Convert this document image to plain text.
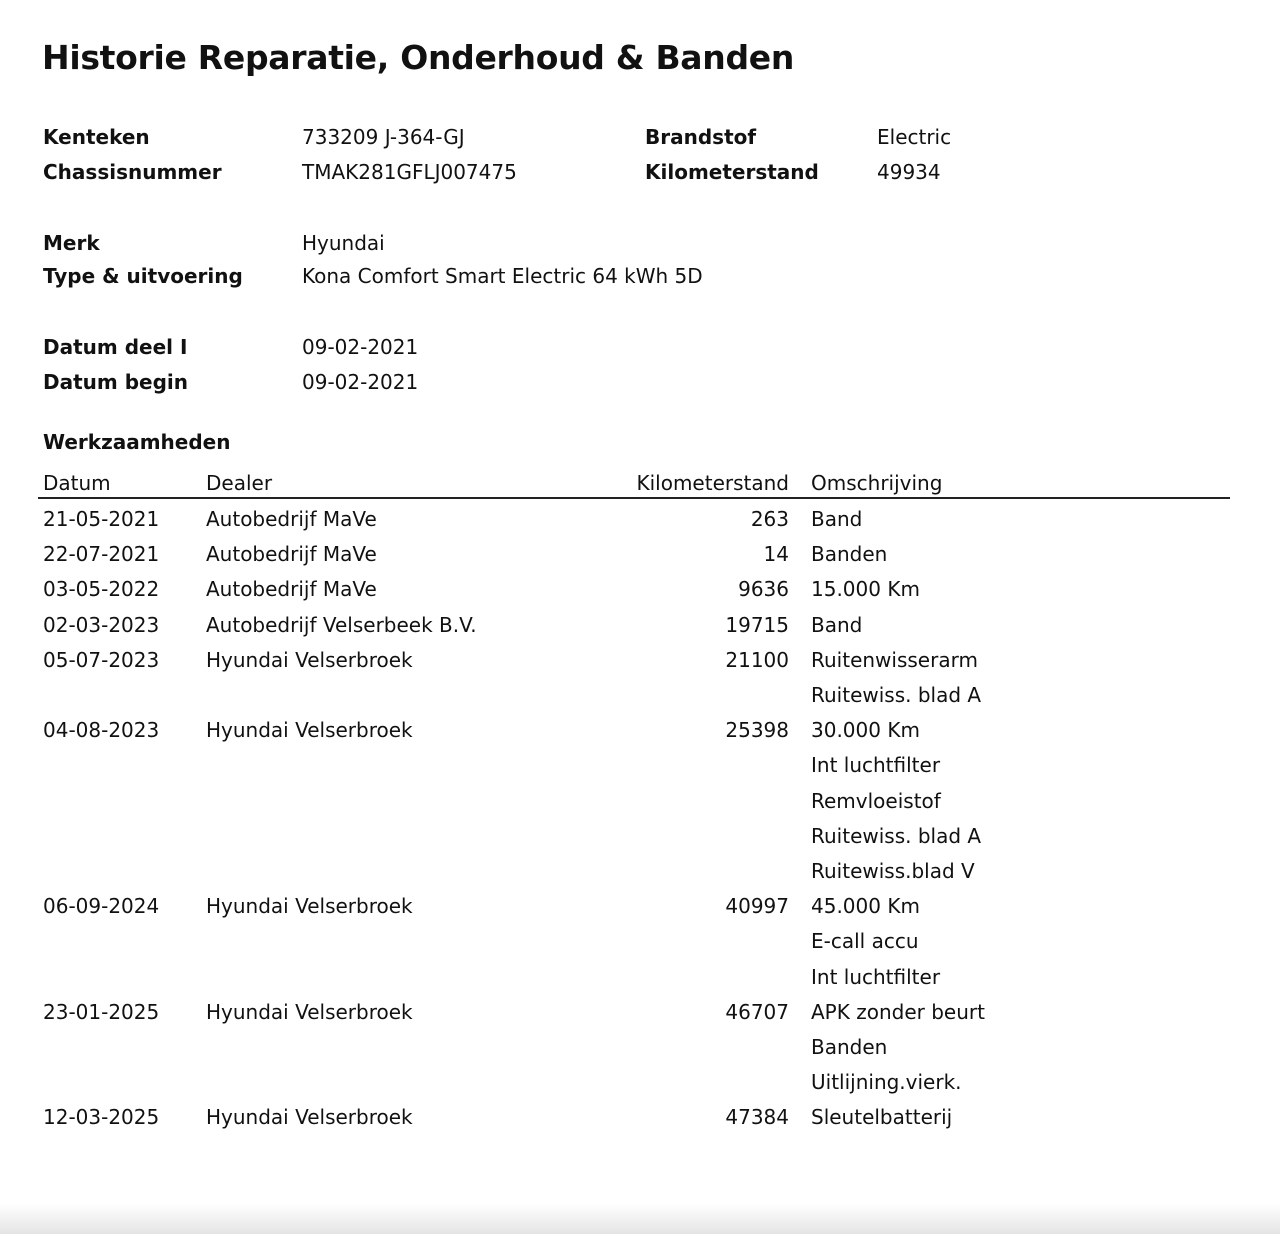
Historie Reparatie, Onderhoud & Banden
Kenteken	733209 J-364-GJ	Brandstof	Electric
Chassisnummer	TMAK281GFLJ007475	Kilometerstand	49934
Merk	Hyundai
Type & uitvoering	Kona Comfort Smart Electric 64 kWh 5D
Datum deel I	09-02-2021
Datum begin	09-02-2021
Werkzaamheden
Datum	Dealer	Kilometerstand Omschrijving
21-05-2021 Autobedrijf MaVe	263 Band
22-07-2021 Autobedrijf MaVe	14 Banden
03-05-2022 Autobedrijf MaVe	9636 15.000 Km
02-03-2023 Autobedrijf Velserbeek B.V.	19715 Band
05-07-2023 Hyundai Velserbroek	21100 Ruitenwisserarm
Ruitewiss. blad A
04-08-2023 Hyundai Velserbroek	25398 30.000 Km
Int luchtfilter
Remvloeistof
Ruitewiss. blad A
Ruitewiss.blad V
06-09-2024 Hyundai Velserbroek	40997 45.000 Km
E-call accu
Int luchtfilter
23-01-2025 Hyundai Velserbroek	46707 APK zonder beurt
Banden
Uitlijning.vierk.
12-03-2025 Hyundai Velserbroek	47384 Sleutelbatterij
